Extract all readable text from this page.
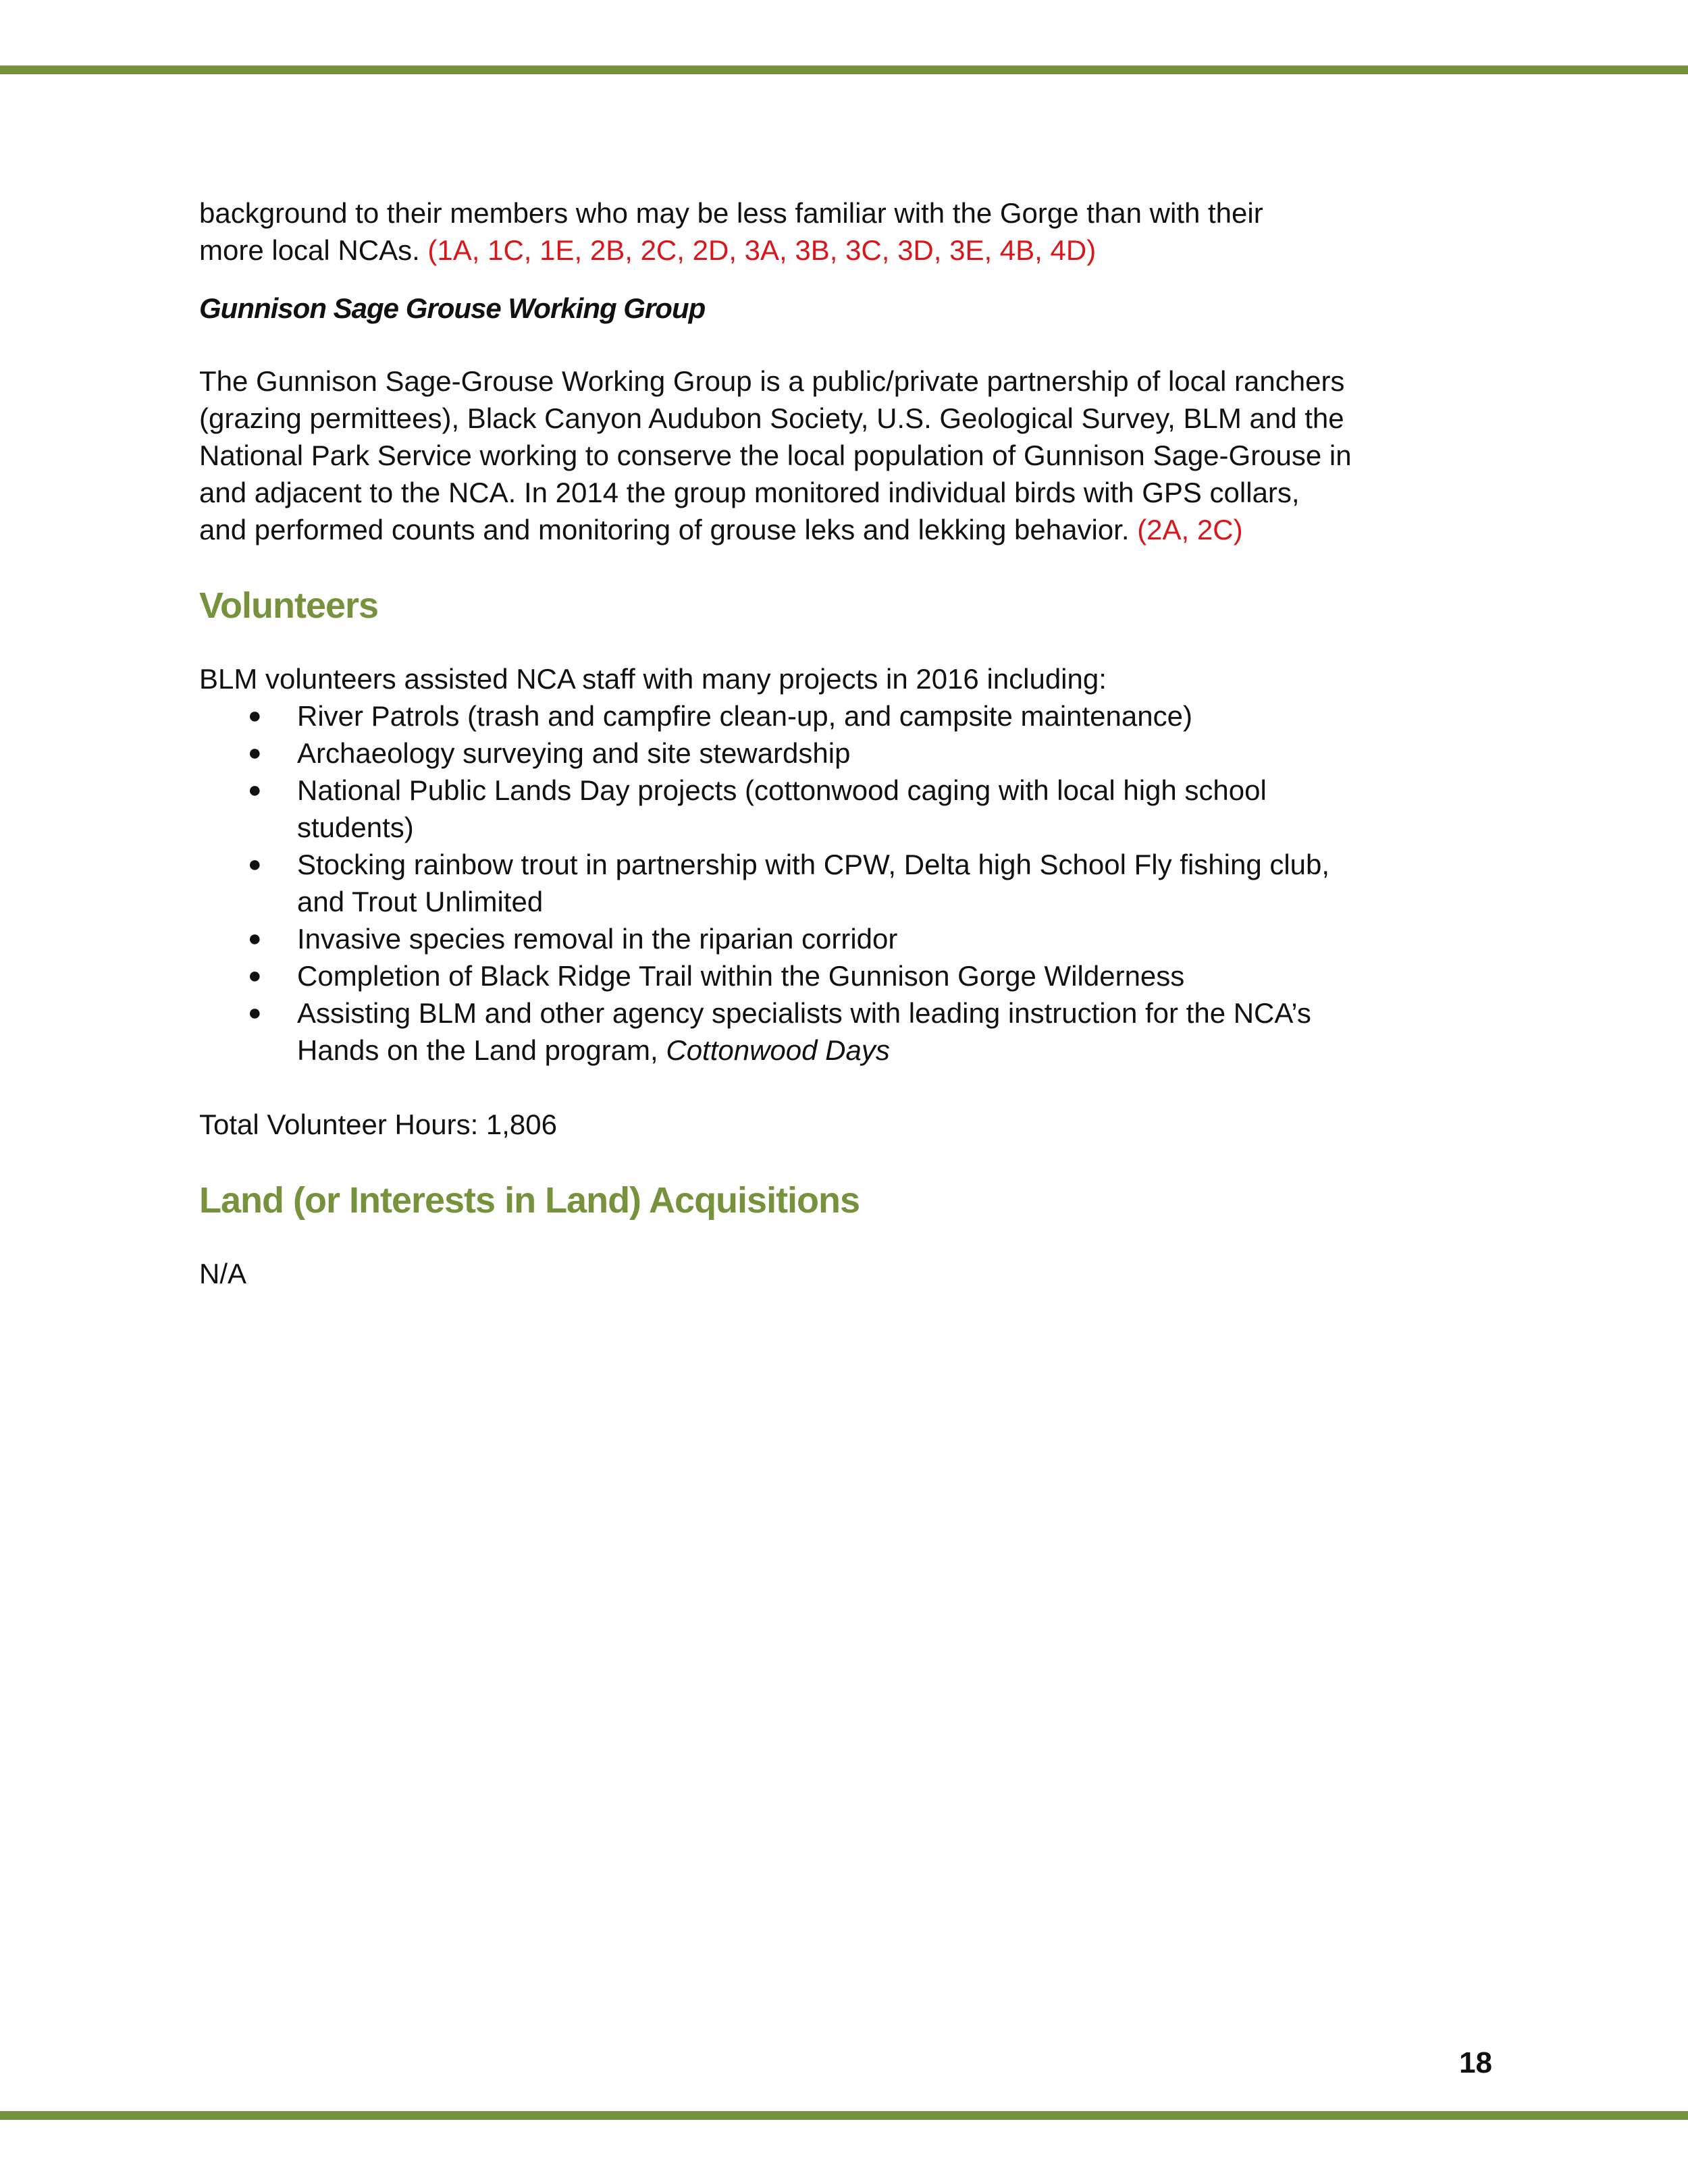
background to their members who may be less familiar with the Gorge than with their
more local NCAs. (1A, 1C, 1E, 2B, 2C, 2D, 3A, 3B, 3C, 3D, 3E, 4B, 4D)

Gunnison Sage Grouse Working Group

The Gunnison Sage-Grouse Working Group is a public/private partnership of local ranchers
(grazing permittees), Black Canyon Audubon Society, U.S. Geological Survey, BLM and the
National Park Service working to conserve the local population of Gunnison Sage-Grouse in
and adjacent to the NCA. In 2014 the group monitored individual birds with GPS collars,
and performed counts and monitoring of grouse leks and lekking behavior. (2A, 2C)

Volunteers

BLM volunteers assisted NCA staff with many projects in 2016 including:

● River Patrols (trash and campfire clean-up, and campsite maintenance)
● Archaeology surveying and site stewardship
● National Public Lands Day projects (cottonwood caging with local high school
students)
● Stocking rainbow trout in partnership with CPW, Delta high School Fly fishing club,
and Trout Unlimited
● Invasive species removal in the riparian corridor
● Completion of Black Ridge Trail within the Gunnison Gorge Wilderness
● Assisting BLM and other agency specialists with leading instruction for the NCA’s
Hands on the Land program, Cottonwood Days

Total Volunteer Hours: 1,806

Land (or Interests in Land) Acquisitions

N/A

18
